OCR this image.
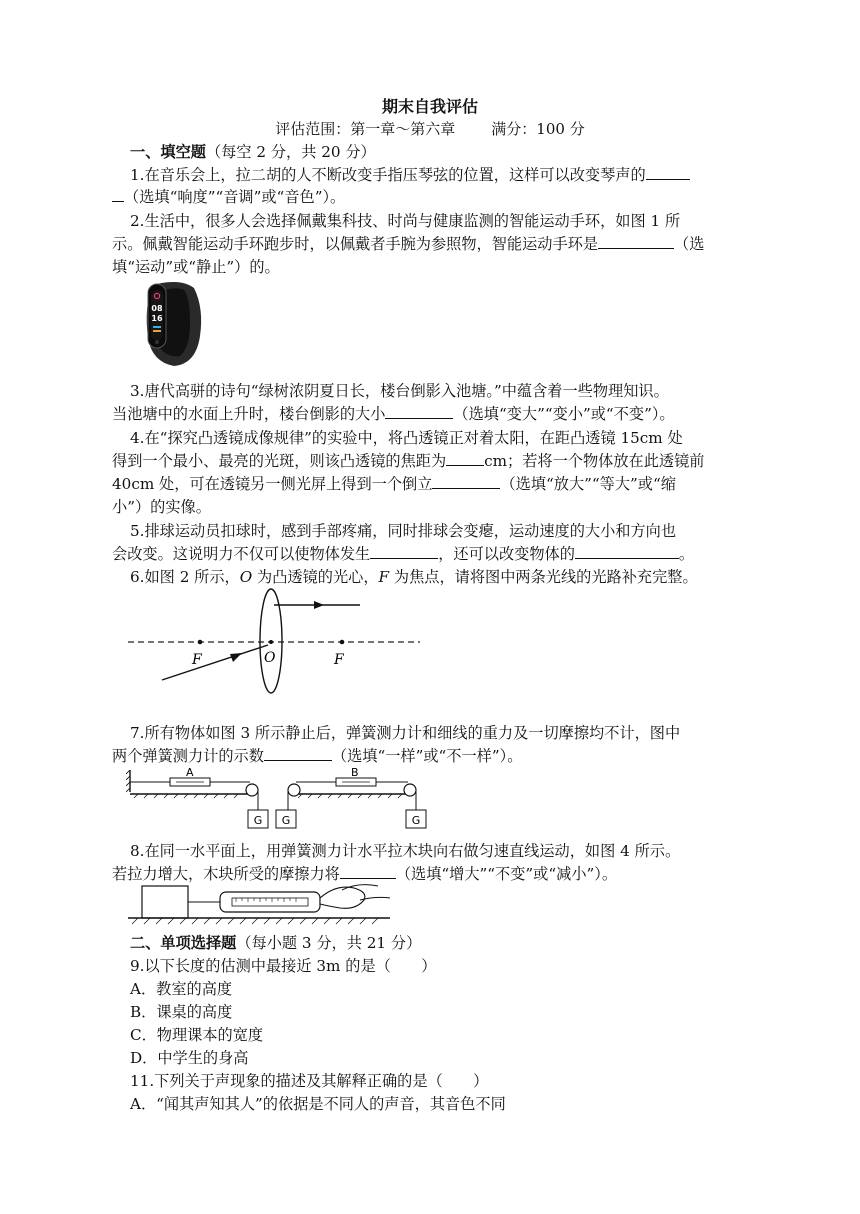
期末自我评估
评估范围：第一章～第六章 满分：100 分
一、填空题（每空 2 分，共 20 分）
1.在音乐会上，拉二胡的人不断改变手指压琴弦的位置，这样可以改变琴声的
（选填“响度”“音调”或“音色”）。
2.生活中，很多人会选择佩戴集科技、时尚与健康监测的智能运动手环，如图 1 所
示。佩戴智能运动手环跑步时，以佩戴者手腕为参照物，智能运动手环是	（选
填“运动”或“静止”）的。
08
16
3.唐代高骈的诗句“绿树浓阴夏日长，楼台倒影入池塘。”中蕴含着一些物理知识。
当池塘中的水面上升时，楼台倒影的大小	（选填“变大”“变小”或“不变”）。
4.在“探究凸透镜成像规律”的实验中，将凸透镜正对着太阳，在距凸透镜 15cm 处
得到一个最小、最亮的光斑，则该凸透镜的焦距为	cm；若将一个物体放在此透镜前
40cm 处，可在透镜另一侧光屏上得到一个倒立	（选填“放大”“等大”或“缩
小”）的实像。
5.排球运动员扣球时，感到手部疼痛，同时排球会变瘪，运动速度的大小和方向也
会改变。这说明力不仅可以使物体发生	，还可以改变物体的	。
6.如图 2 所示，O 为凸透镜的光心，F 为焦点，请将图中两条光线的光路补充完整。
F	O	F
7.所有物体如图 3 所示静止后，弹簧测力计和细线的重力及一切摩擦均不计，图中
两个弹簧测力计的示数	（选填“一样”或“不一样”）。
A
G G
B
G
8.在同一水平面上，用弹簧测力计水平拉木块向右做匀速直线运动，如图 4 所示。
若拉力增大，木块所受的摩擦力将	（选填“增大”“不变”或“减小”）。
二、单项选择题（每小题 3 分，共 21 分）
9.以下长度的估测中最接近 3m 的是（　　）
A．教室的高度
B．课桌的高度
C．物理课本的宽度
D．中学生的身高
11.下列关于声现象的描述及其解释正确的是（　　）
A．“闻其声知其人”的依据是不同人的声音，其音色不同
